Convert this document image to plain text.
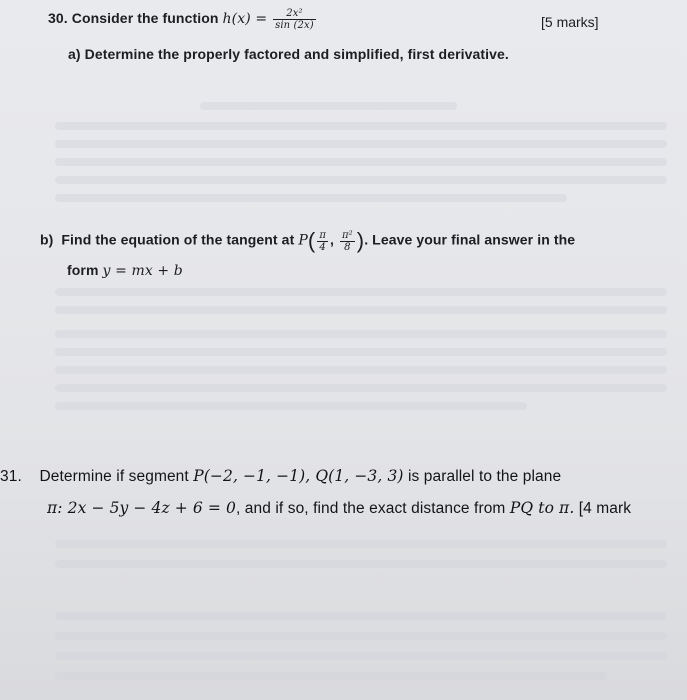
30. Consider the function $h(x) = \frac{\text{2x²}}{\sin (2x)}$	[5 marks]
a) Determine the properly factored and simplified, first derivative.
b) Find the equation of the tangent at $P( \frac{\pi}{4}$ , $\frac{\text{π²}}{8}$ ). Leave your final answer in the
form y = mx + b
31. Determine if segment P(−2, −1, −1), Q(1, −3, 3) is parallel to the plane
π: 2x − 5y − 4z + 6 = 0, and if so, find the exact distance from PQ to π. [4 mark
